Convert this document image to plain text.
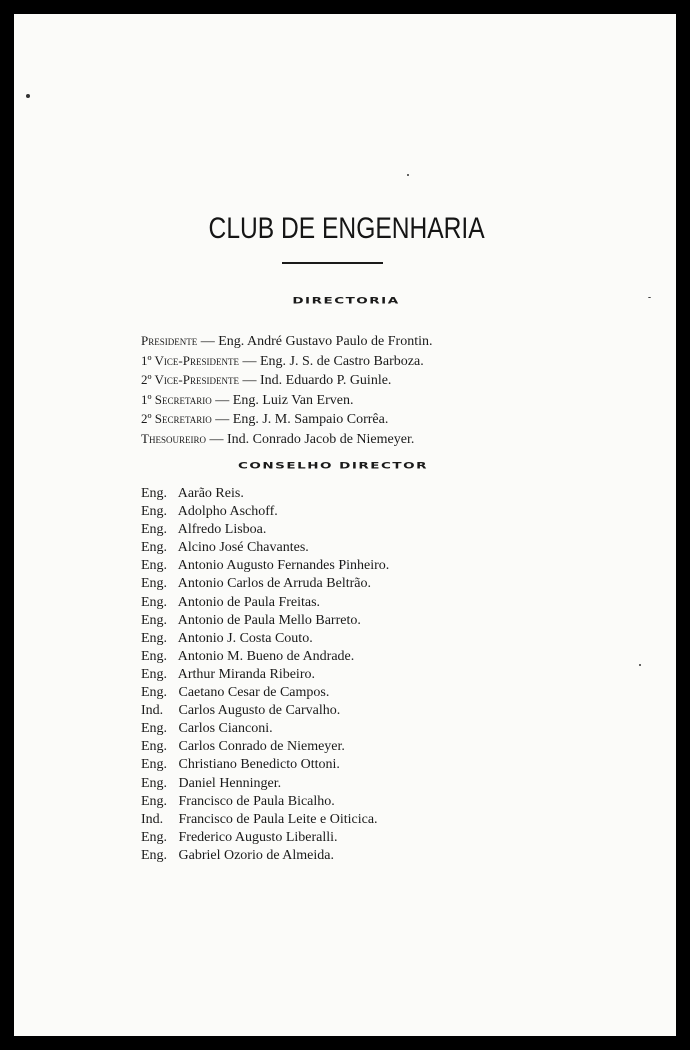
CLUB DE ENGENHARIA
DIRECTORIA
Presidente — Eng. André Gustavo Paulo de Frontin.
1º Vice-Presidente — Eng. J. S. de Castro Barboza.
2º Vice-Presidente — Ind. Eduardo P. Guinle.
1º Secretario — Eng. Luiz Van Erven.
2º Secretario — Eng. J. M. Sampaio Corrêa.
Thesoureiro — Ind. Conrado Jacob de Niemeyer.
CONSELHO DIRECTOR
Eng. Aarão Reis.
Eng. Adolpho Aschoff.
Eng. Alfredo Lisboa.
Eng. Alcino José Chavantes.
Eng. Antonio Augusto Fernandes Pinheiro.
Eng. Antonio Carlos de Arruda Beltrão.
Eng. Antonio de Paula Freitas.
Eng. Antonio de Paula Mello Barreto.
Eng. Antonio J. Costa Couto.
Eng. Antonio M. Bueno de Andrade.
Eng. Arthur Miranda Ribeiro.
Eng. Caetano Cesar de Campos.
Ind. Carlos Augusto de Carvalho.
Eng. Carlos Cianconi.
Eng. Carlos Conrado de Niemeyer.
Eng. Christiano Benedicto Ottoni.
Eng. Daniel Henninger.
Eng. Francisco de Paula Bicalho.
Ind. Francisco de Paula Leite e Oiticica.
Eng. Frederico Augusto Liberalli.
Eng. Gabriel Ozorio de Almeida.
